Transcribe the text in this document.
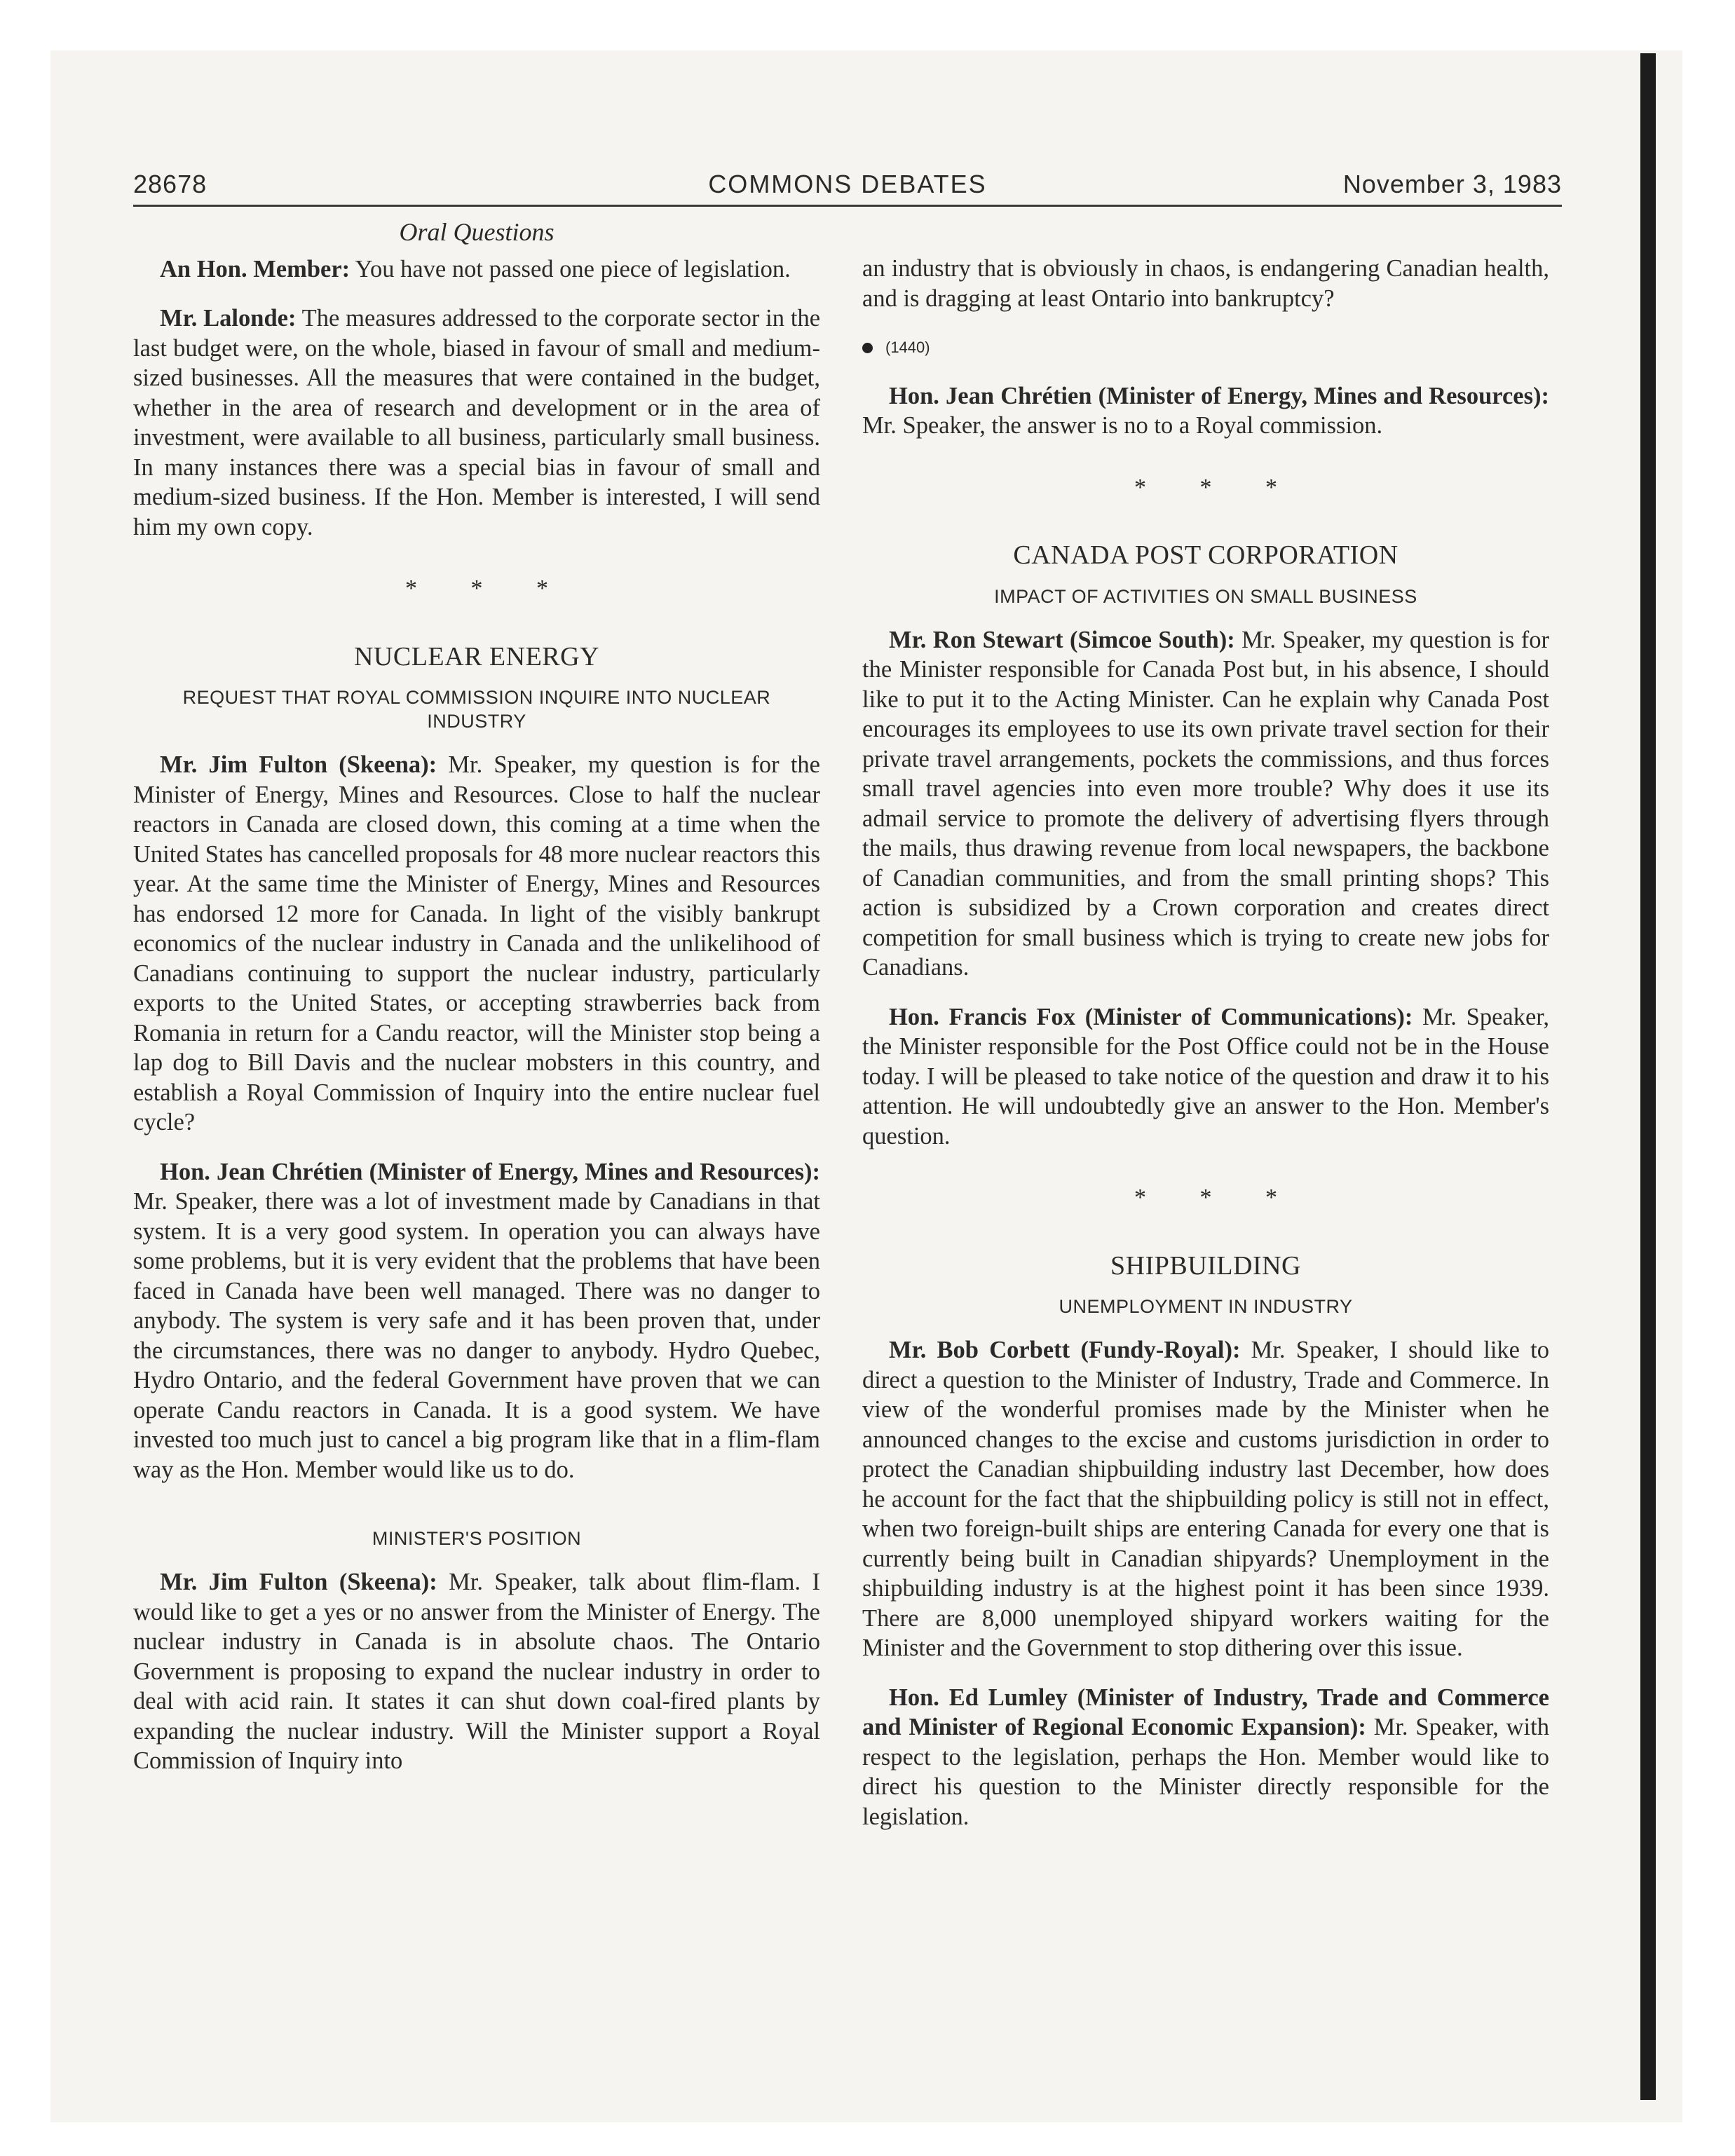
28678	COMMONS DEBATES	November 3, 1983
Oral Questions

An Hon. Member: You have not passed one piece of legislation.

Mr. Lalonde: The measures addressed to the corporate sector in the last budget were, on the whole, biased in favour of small and medium-sized businesses. All the measures that were contained in the budget, whether in the area of research and development or in the area of investment, were available to all business, particularly small business. In many instances there was a special bias in favour of small and medium-sized business. If the Hon. Member is interested, I will send him my own copy.

* * *
NUCLEAR ENERGY
REQUEST THAT ROYAL COMMISSION INQUIRE INTO NUCLEAR INDUSTRY

Mr. Jim Fulton (Skeena): Mr. Speaker, my question is for the Minister of Energy, Mines and Resources. Close to half the nuclear reactors in Canada are closed down, this coming at a time when the United States has cancelled proposals for 48 more nuclear reactors this year. At the same time the Minister of Energy, Mines and Resources has endorsed 12 more for Canada. In light of the visibly bankrupt economics of the nuclear industry in Canada and the unlikelihood of Canadians continuing to support the nuclear industry, particularly exports to the United States, or accepting strawberries back from Romania in return for a Candu reactor, will the Minister stop being a lap dog to Bill Davis and the nuclear mobsters in this country, and establish a Royal Commission of Inquiry into the entire nuclear fuel cycle?

Hon. Jean Chrétien (Minister of Energy, Mines and Resources): Mr. Speaker, there was a lot of investment made by Canadians in that system. It is a very good system. In operation you can always have some problems, but it is very evident that the problems that have been faced in Canada have been well managed. There was no danger to anybody. The system is very safe and it has been proven that, under the circumstances, there was no danger to anybody. Hydro Quebec, Hydro Ontario, and the federal Government have proven that we can operate Candu reactors in Canada. It is a good system. We have invested too much just to cancel a big program like that in a flim-flam way as the Hon. Member would like us to do.

MINISTER'S POSITION

Mr. Jim Fulton (Skeena): Mr. Speaker, talk about flim-flam. I would like to get a yes or no answer from the Minister of Energy. The nuclear industry in Canada is in absolute chaos. The Ontario Government is proposing to expand the nuclear industry in order to deal with acid rain. It states it can shut down coal-fired plants by expanding the nuclear industry. Will the Minister support a Royal Commission of Inquiry into

an industry that is obviously in chaos, is endangering Canadian health, and is dragging at least Ontario into bankruptcy?

(1440)

Hon. Jean Chrétien (Minister of Energy, Mines and Resources): Mr. Speaker, the answer is no to a Royal commission.

* * *
CANADA POST CORPORATION
IMPACT OF ACTIVITIES ON SMALL BUSINESS

Mr. Ron Stewart (Simcoe South): Mr. Speaker, my question is for the Minister responsible for Canada Post but, in his absence, I should like to put it to the Acting Minister. Can he explain why Canada Post encourages its employees to use its own private travel section for their private travel arrangements, pockets the commissions, and thus forces small travel agencies into even more trouble? Why does it use its admail service to promote the delivery of advertising flyers through the mails, thus drawing revenue from local newspapers, the backbone of Canadian communities, and from the small printing shops? This action is subsidized by a Crown corporation and creates direct competition for small business which is trying to create new jobs for Canadians.

Hon. Francis Fox (Minister of Communications): Mr. Speaker, the Minister responsible for the Post Office could not be in the House today. I will be pleased to take notice of the question and draw it to his attention. He will undoubtedly give an answer to the Hon. Member's question.

* * *
SHIPBUILDING
UNEMPLOYMENT IN INDUSTRY

Mr. Bob Corbett (Fundy-Royal): Mr. Speaker, I should like to direct a question to the Minister of Industry, Trade and Commerce. In view of the wonderful promises made by the Minister when he announced changes to the excise and customs jurisdiction in order to protect the Canadian shipbuilding industry last December, how does he account for the fact that the shipbuilding policy is still not in effect, when two foreign-built ships are entering Canada for every one that is currently being built in Canadian shipyards? Unemployment in the shipbuilding industry is at the highest point it has been since 1939. There are 8,000 unemployed shipyard workers waiting for the Minister and the Government to stop dithering over this issue.

Hon. Ed Lumley (Minister of Industry, Trade and Commerce and Minister of Regional Economic Expansion): Mr. Speaker, with respect to the legislation, perhaps the Hon. Member would like to direct his question to the Minister directly responsible for the legislation.
